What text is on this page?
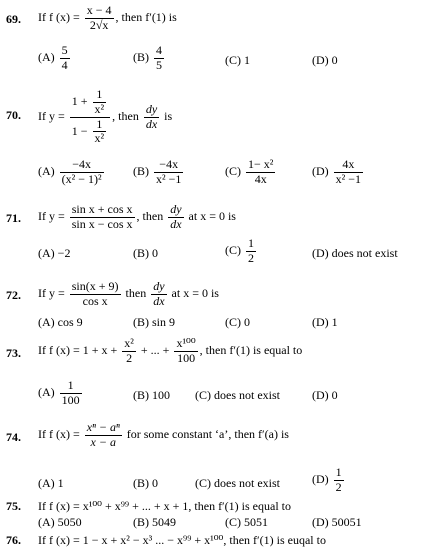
69. If f $(x) = \frac{x - 4}{2√x}$ , then f′(1) is
$(A) \frac{5}{4}$	$(B) \frac{4}{5}$	(C) 1	(D) 0
70. If $y = \frac{1 + \frac{1}{\text{x²}}}{1 - \frac{1}{\text{x²}}}$ , then $\frac{dy}{dx}$ is
$(A) \frac{-4x}{\text{(x² − 1)²}} (B) \frac{-4x}{\text{x² −1}}$	$(C) \frac{\text{1− x²}}{4x}$	$(D) \frac{4x}{\text{x² −1}}$
71. If $y = \frac{\text{sin x + cos x}}{\text{sin x − cos x}}$ , then $\frac{dy}{dx}$ at x = 0 is
(A) −2	(B) 0	$(C) \frac{1}{2}$	(D) does not exist
72. If $y = \frac{\sin(x + 9)}{\text{cos x}}$ then $\frac{dy}{dx}$ at x = 0 is
(A) cos 9	(B) sin 9	(C) 0	(D) 1
73. If f $(x) = 1 + x + \frac{\text{x²}}{2}$ + ... + $\frac{\text{x¹⁰⁰}}{100}$ , then f′(1) is equal to
$(A) \frac{1}{100}$	(B) 100 (C) does not exist	(D) 0
74. If f $(x) = \frac{\text{xⁿ − aⁿ}}{x - a}$ for some constant ‘a’, then f′(a) is
(A) 1	(B) 0	(C) does not exist	$(D) \frac{1}{2}$
75. If f (x) = x¹⁰⁰ + x⁹⁹ + ... + x + 1, then f′(1) is equal to
(A) 5050	(B) 5049	(C) 5051	(D) 50051
76. If f (x) = 1 − x + x² − x³ ... − x⁹⁹ + x¹⁰⁰, then f′(1) is euqal to
